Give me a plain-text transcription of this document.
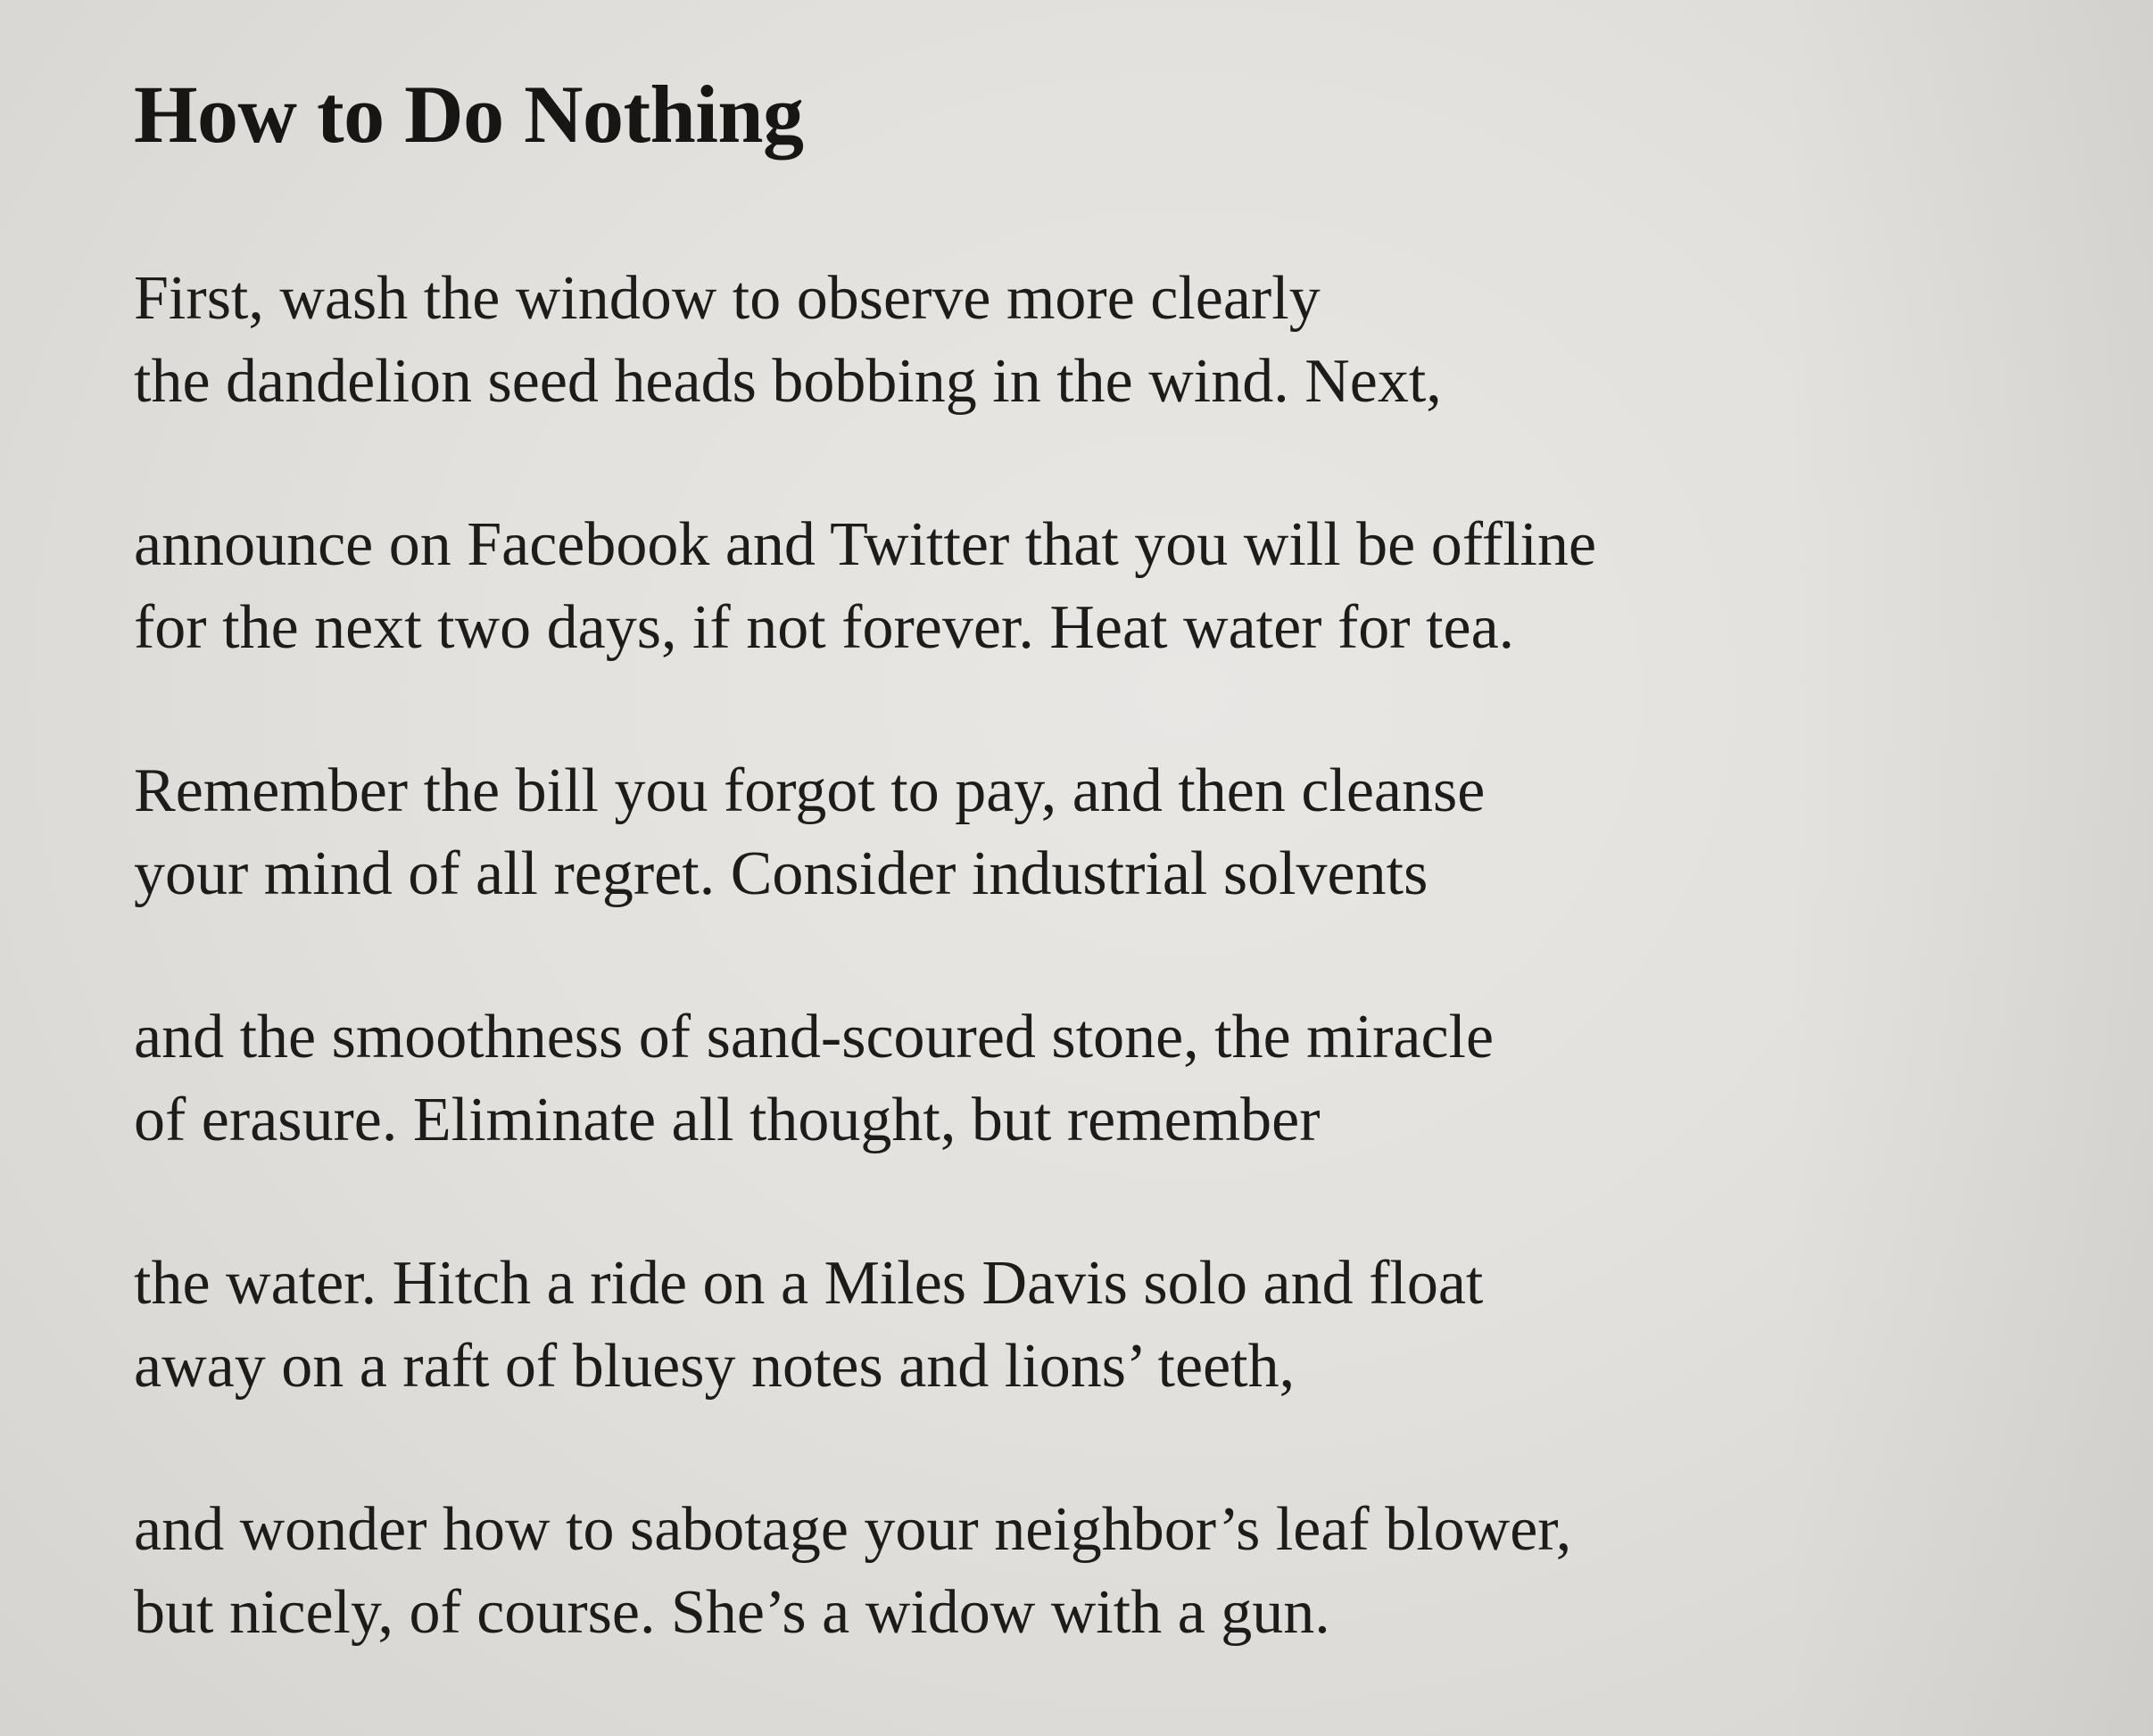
How to Do Nothing
First, wash the window to observe more clearly
the dandelion seed heads bobbing in the wind. Next,
announce on Facebook and Twitter that you will be offline
for the next two days, if not forever. Heat water for tea.
Remember the bill you forgot to pay, and then cleanse
your mind of all regret. Consider industrial solvents
and the smoothness of sand-scoured stone, the miracle
of erasure. Eliminate all thought, but remember
the water. Hitch a ride on a Miles Davis solo and float
away on a raft of bluesy notes and lions’ teeth,
and wonder how to sabotage your neighbor’s leaf blower,
but nicely, of course. She’s a widow with a gun.
